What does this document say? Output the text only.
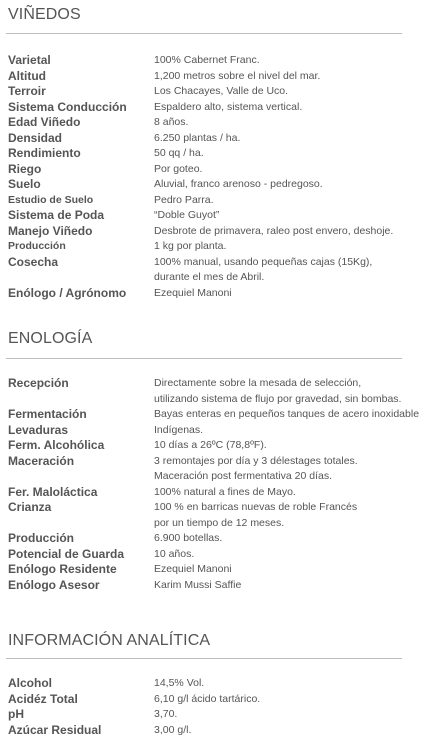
VIÑEDOS
Varietal	100% Cabernet Franc.
Altitud	1,200 metros sobre el nivel del mar.
Terroir	Los Chacayes, Valle de Uco.
Sistema Conducción	Espaldero alto, sistema vertical.
Edad Viñedo	8 años.
Densidad	6.250 plantas / ha.
Rendimiento	50 qq / ha.
Riego	Por goteo.
Suelo	Aluvial, franco arenoso - pedregoso.
Estudio de Suelo	Pedro Parra.
Sistema de Poda	“Doble Guyot”
Manejo Viñedo	Desbrote de primavera, raleo post envero, deshoje.
Producción	1 kg por planta.
Cosecha	100% manual, usando pequeñas cajas (15Kg),
durante el mes de Abril.
Enólogo / Agrónomo	Ezequiel Manoni
ENOLOGÍA
Recepción	Directamente sobre la mesada de selección,
utilizando sistema de flujo por gravedad, sin bombas.
Fermentación	Bayas enteras en pequeños tanques de acero inoxidable
Levaduras	Indígenas.
Ferm. Alcohólica	10 días a 26ºC (78,8ºF).
Maceración	3 remontajes por día y 3 délestages totales.
Maceración post fermentativa 20 días.
Fer. Maloláctica	100% natural a fines de Mayo.
Crianza	100 % en barricas nuevas de roble Francés
por un tiempo de 12 meses.
Producción	6.900 botellas.
Potencial de Guarda	10 años.
Enólogo Residente	Ezequiel Manoni
Enólogo Asesor	Karim Mussi Saffie
INFORMACIÓN ANALÍTICA
Alcohol	14,5% Vol.
Acidéz Total	6,10 g/l ácido tartárico.
pH	3,70.
Azúcar Residual	3,00 g/l.
